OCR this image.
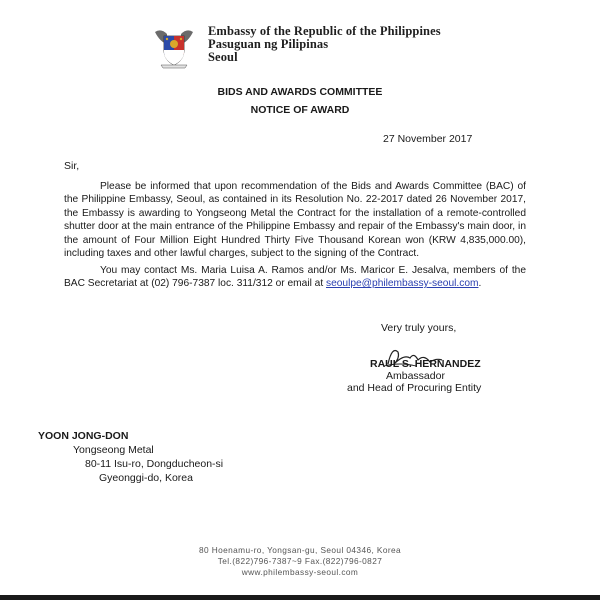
Embassy of the Republic of the Philippines
Pasuguan ng Pilipinas
Seoul
BIDS AND AWARDS COMMITTEE
NOTICE OF AWARD
27 November 2017
Sir,

Please be informed that upon recommendation of the Bids and Awards Committee (BAC) of the Philippine Embassy, Seoul, as contained in its Resolution No. 22-2017 dated 26 November 2017, the Embassy is awarding to Yongseong Metal the Contract for the installation of a remote-controlled shutter door at the main entrance of the Philippine Embassy and repair of the Embassy's main door, in the amount of Four Million Eight Hundred Thirty Five Thousand Korean won (KRW 4,835,000.00), including taxes and other lawful charges, subject to the signing of the Contract.

You may contact Ms. Maria Luisa A. Ramos and/or Ms. Maricor E. Jesalva, members of the BAC Secretariat at (02) 796-7387 loc. 311/312 or email at seoulpe@philembassy-seoul.com.

Very truly yours,
RAUL S. HERNANDEZ
Ambassador
and Head of Procuring Entity
YOON JONG-DON
Yongseong Metal
80-11 Isu-ro, Dongducheon-si
Gyeonggi-do, Korea
80 Hoenamu-ro, Yongsan-gu, Seoul 04346, Korea
Tel.(822)796-7387~9 Fax.(822)796-0827
www.philembassy-seoul.com
